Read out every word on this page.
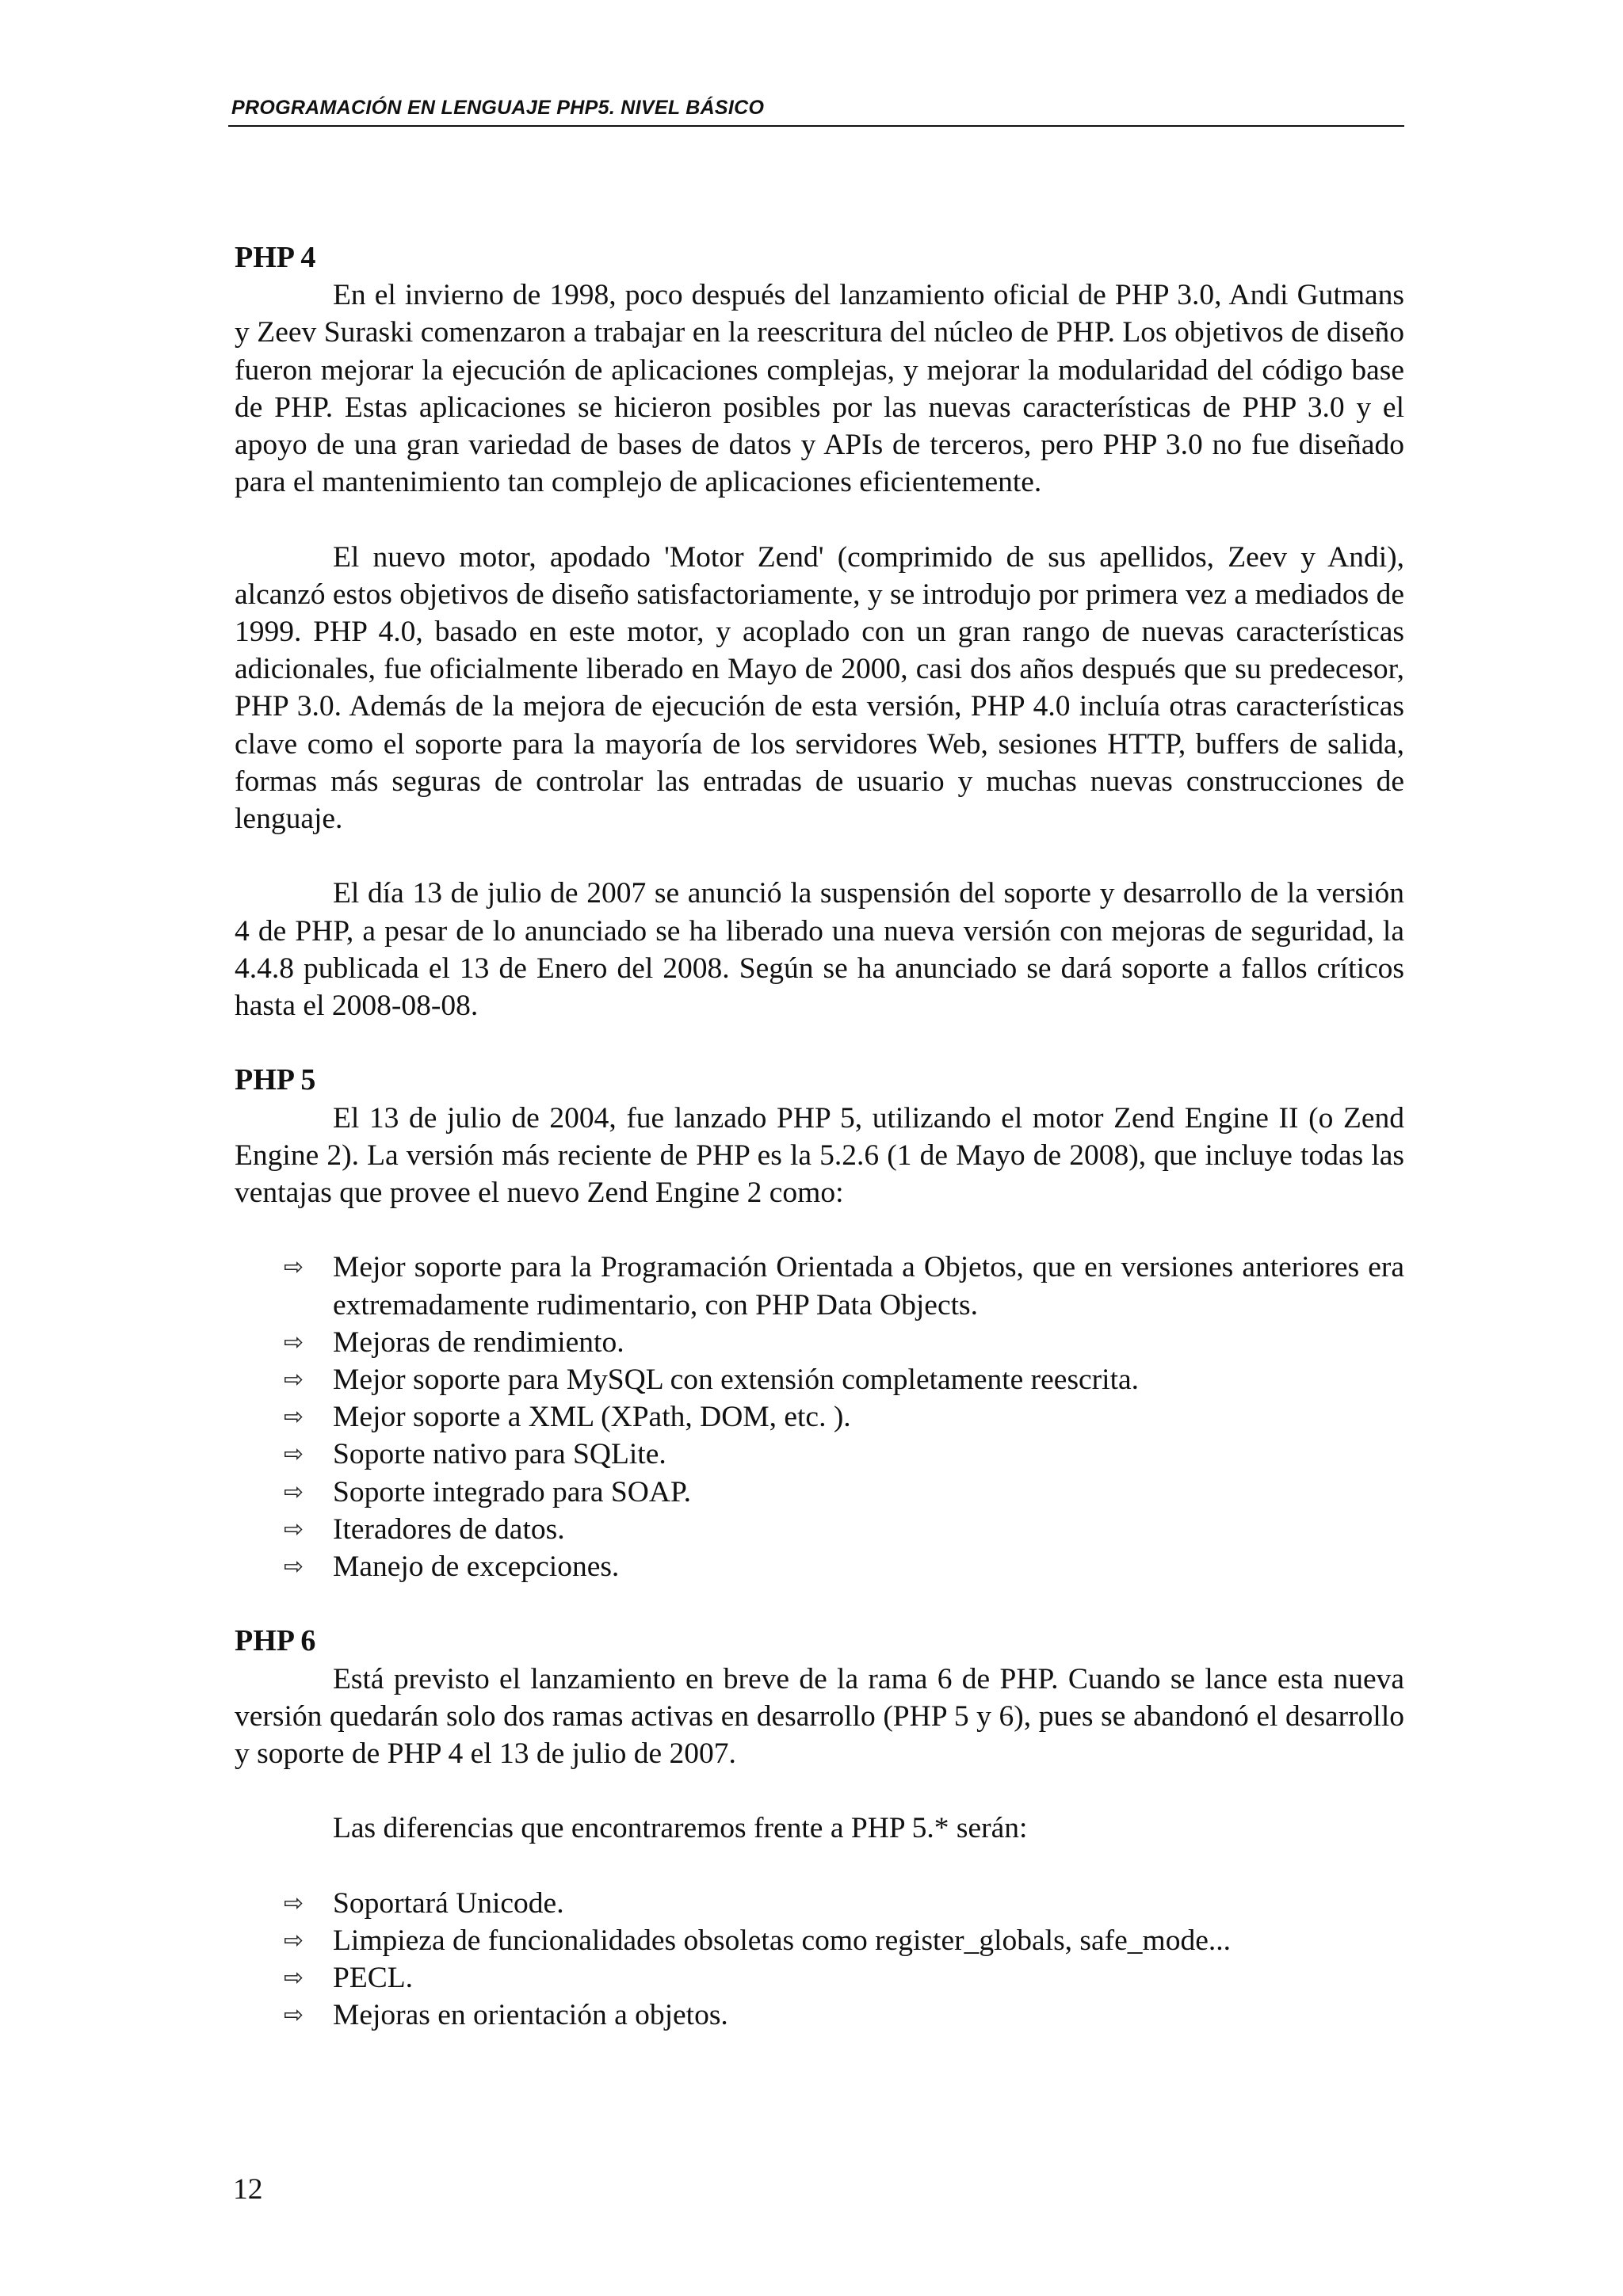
PROGRAMACIÓN EN LENGUAJE PHP5. NIVEL BÁSICO
PHP 4

En el invierno de 1998, poco después del lanzamiento oficial de PHP 3.0, Andi Gutmans y Zeev Suraski comenzaron a trabajar en la reescritura del núcleo de PHP. Los objetivos de diseño fueron mejorar la ejecución de aplicaciones complejas, y mejorar la modularidad del código base de PHP. Estas aplicaciones se hicieron posibles por las nuevas características de PHP 3.0 y el apoyo de una gran variedad de bases de datos y APIs de terceros, pero PHP 3.0 no fue diseñado para el mantenimiento tan complejo de aplicaciones eficientemente.

El nuevo motor, apodado 'Motor Zend' (comprimido de sus apellidos, Zeev y Andi), alcanzó estos objetivos de diseño satisfactoriamente, y se introdujo por primera vez a mediados de 1999. PHP 4.0, basado en este motor, y acoplado con un gran rango de nuevas características adicionales, fue oficialmente liberado en Mayo de 2000, casi dos años después que su predecesor, PHP 3.0. Además de la mejora de ejecución de esta versión, PHP 4.0 incluía otras características clave como el soporte para la mayoría de los servidores Web, sesiones HTTP, buffers de salida, formas más seguras de controlar las entradas de usuario y muchas nuevas construcciones de lenguaje.

El día 13 de julio de 2007 se anunció la suspensión del soporte y desarrollo de la versión 4 de PHP, a pesar de lo anunciado se ha liberado una nueva versión con mejoras de seguridad, la 4.4.8 publicada el 13 de Enero del 2008. Según se ha anunciado se dará soporte a fallos críticos hasta el 2008-08-08.

PHP 5

El 13 de julio de 2004, fue lanzado PHP 5, utilizando el motor Zend Engine II (o Zend Engine 2). La versión más reciente de PHP es la 5.2.6 (1 de Mayo de 2008), que incluye todas las ventajas que provee el nuevo Zend Engine 2 como:

⇨ Mejor soporte para la Programación Orientada a Objetos, que en versiones anteriores era extremadamente rudimentario, con PHP Data Objects.
⇨ Mejoras de rendimiento.
⇨ Mejor soporte para MySQL con extensión completamente reescrita.
⇨ Mejor soporte a XML (XPath, DOM, etc. ).
⇨ Soporte nativo para SQLite.
⇨ Soporte integrado para SOAP.
⇨ Iteradores de datos.
⇨ Manejo de excepciones.
PHP 6

Está previsto el lanzamiento en breve de la rama 6 de PHP. Cuando se lance esta nueva versión quedarán solo dos ramas activas en desarrollo (PHP 5 y 6), pues se abandonó el desarrollo y soporte de PHP 4 el 13 de julio de 2007.

Las diferencias que encontraremos frente a PHP 5.* serán:

⇨ Soportará Unicode.
⇨ Limpieza de funcionalidades obsoletas como register_globals, safe_mode...
⇨ PECL.
⇨ Mejoras en orientación a objetos.
12
